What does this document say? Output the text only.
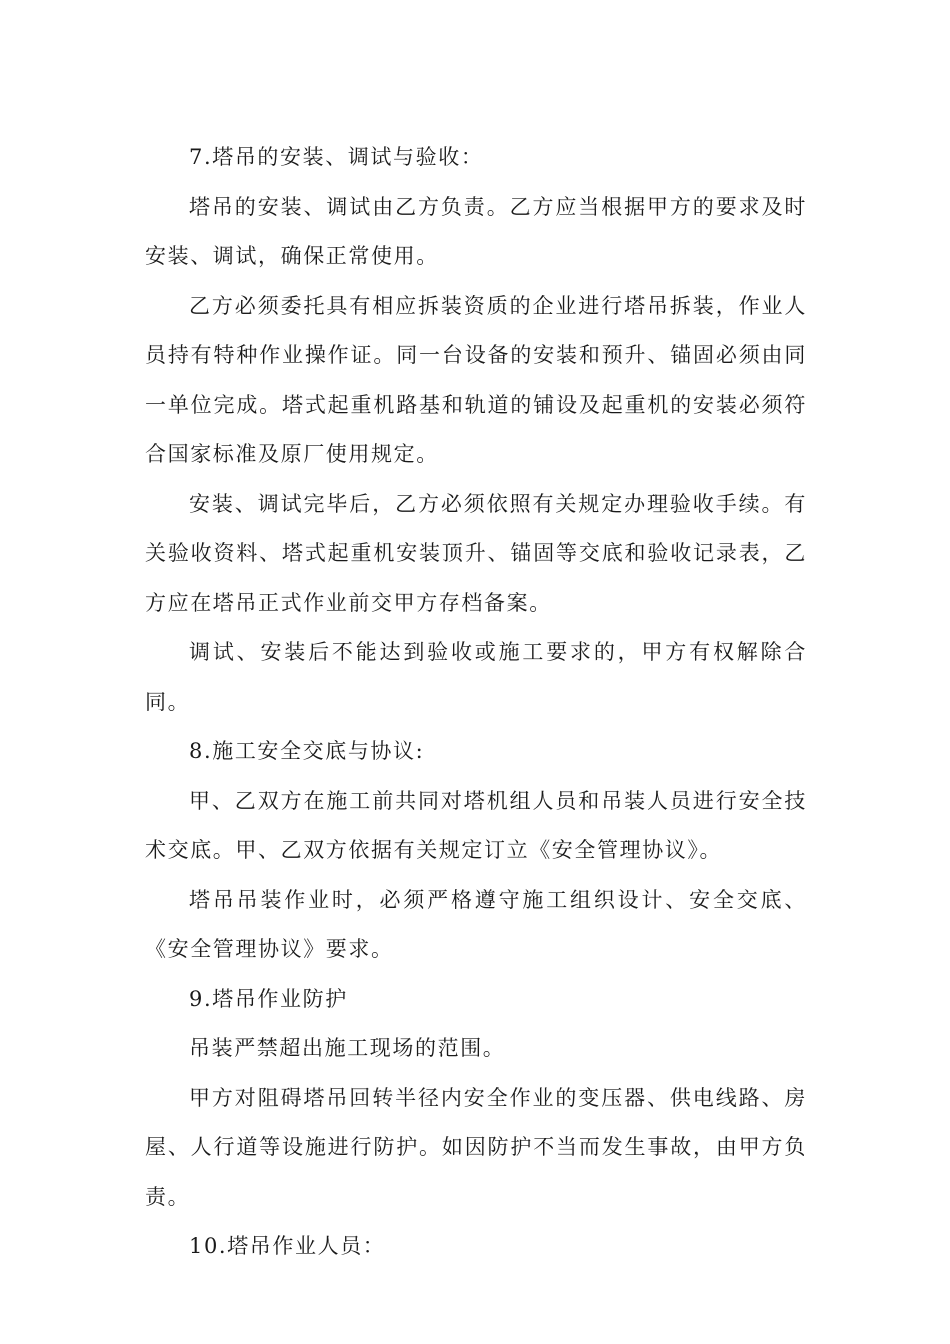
7.塔吊的安装、调试与验收：

塔吊的安装、调试由乙方负责。乙方应当根据甲方的要求及时安装、调试，确保正常使用。

乙方必须委托具有相应拆装资质的企业进行塔吊拆装，作业人员持有特种作业操作证。同一台设备的安装和预升、锚固必须由同一单位完成。塔式起重机路基和轨道的铺设及起重机的安装必须符合国家标准及原厂使用规定。

安装、调试完毕后，乙方必须依照有关规定办理验收手续。有关验收资料、塔式起重机安装顶升、锚固等交底和验收记录表，乙方应在塔吊正式作业前交甲方存档备案。

调试、安装后不能达到验收或施工要求的，甲方有权解除合同。

8.施工安全交底与协议:

甲、乙双方在施工前共同对塔机组人员和吊装人员进行安全技术交底。甲、乙双方依据有关规定订立《安全管理协议》。

塔吊吊装作业时，必须严格遵守施工组织设计、安全交底、《安全管理协议》要求。

9.塔吊作业防护

吊装严禁超出施工现场的范围。

甲方对阻碍塔吊回转半径内安全作业的变压器、供电线路、房屋、人行道等设施进行防护。如因防护不当而发生事故，由甲方负责。

10.塔吊作业人员：
